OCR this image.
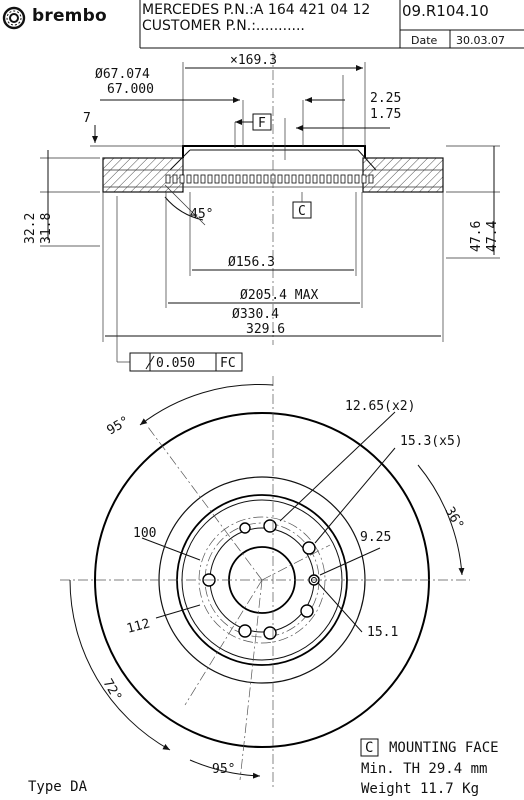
brembo	MERCEDES P.N.:A 164 421 04 12
CUSTOMER P.N.:...........
09.R104.10
Date 30.03.07
Ø67.074
67.000
×169.3
2.25
1.75
7	F
C
45°
32.2 31.8	47.6 47.4
Ø156.3
Ø205.4 MAX
Ø330.4
329.6
0.050 FC
95°
36°
72°
95°
12.65(x2)
15.3(x5)
100
112
9.25
15.1
Type DA
C MOUNTING FACE
Min. TH 29.4 mm
Weight 11.7 Kg
